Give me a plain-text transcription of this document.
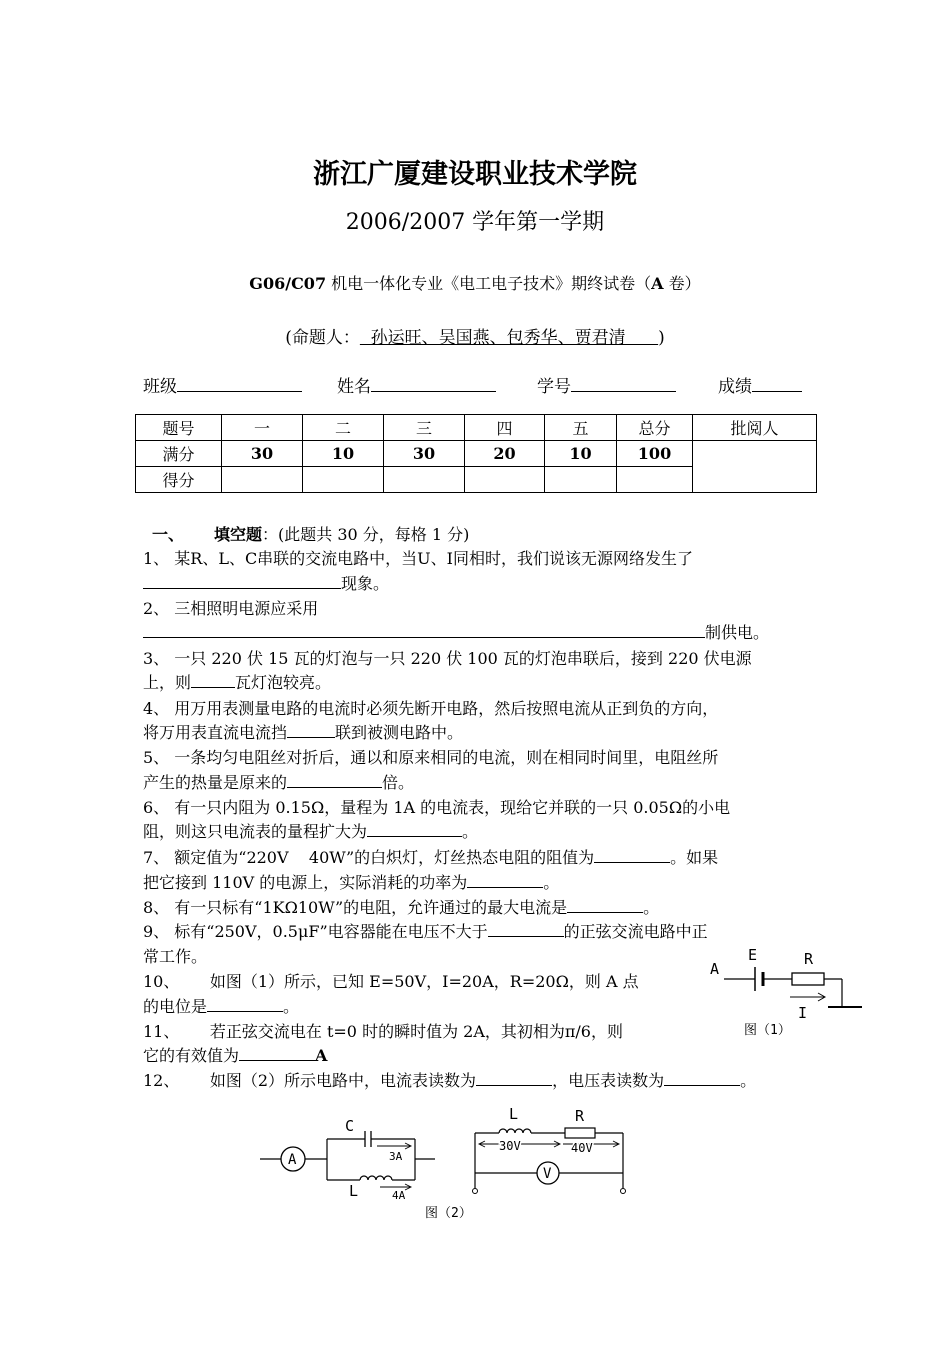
浙江广厦建设职业技术学院
2006/2007 学年第一学期
G06/C07 机电一体化专业《电工电子技术》期终试卷（A 卷）
(命题人：  孙运旺、吴国燕、包秀华、贾君清      )
班级	姓名	学号	成绩
题号	一	二	三	四	五	总分	批阅人
满分	30	10	30	20	10	100	
得分							
一、 填空题：(此题共 30 分，每格 1 分)
1、 某R、L、C串联的交流电路中，当U、I同相时，我们说该无源网络发生了
现象。
2、 三相照明电源应采用
制供电。
3、 一只 220 伏 15 瓦的灯泡与一只 220 伏 100 瓦的灯泡串联后，接到 220 伏电源
上，则	瓦灯泡较亮。
4、 用万用表测量电路的电流时必须先断开电路，然后按照电流从正到负的方向，
将万用表直流电流挡	联到被测电路中。
5、 一条均匀电阻丝对折后，通以和原来相同的电流，则在相同时间里，电阻丝所
产生的热量是原来的	倍。
6、 有一只内阻为 0.15Ω，量程为 1A 的电流表，现给它并联的一只 0.05Ω的小电
阻，则这只电流表的量程扩大为	。
7、 额定值为“220V    40W”的白炽灯，灯丝热态电阻的阻值为	。如果
把它接到 110V 的电源上，实际消耗的功率为	。
8、 有一只标有“1KΩ10W”的电阻，允许通过的最大电流是	。
9、 标有“250V，0.5μF”电容器能在电压不大于	的正弦交流电路中正
常工作。
10、      如图（1）所示，已知 E=50V，I=20A，R=20Ω，则 A 点
的电位是	。
11、      若正弦交流电在 t=0 时的瞬时值为 2A，其初相为π/6，则
它的有效值为	A
12、      如图（2）所示电路中，电流表读数为	，电压表读数为	。
A
E	R
I
图（1）
A
C
3A
L	4A
L	R
30V	40V
V
图（2）
